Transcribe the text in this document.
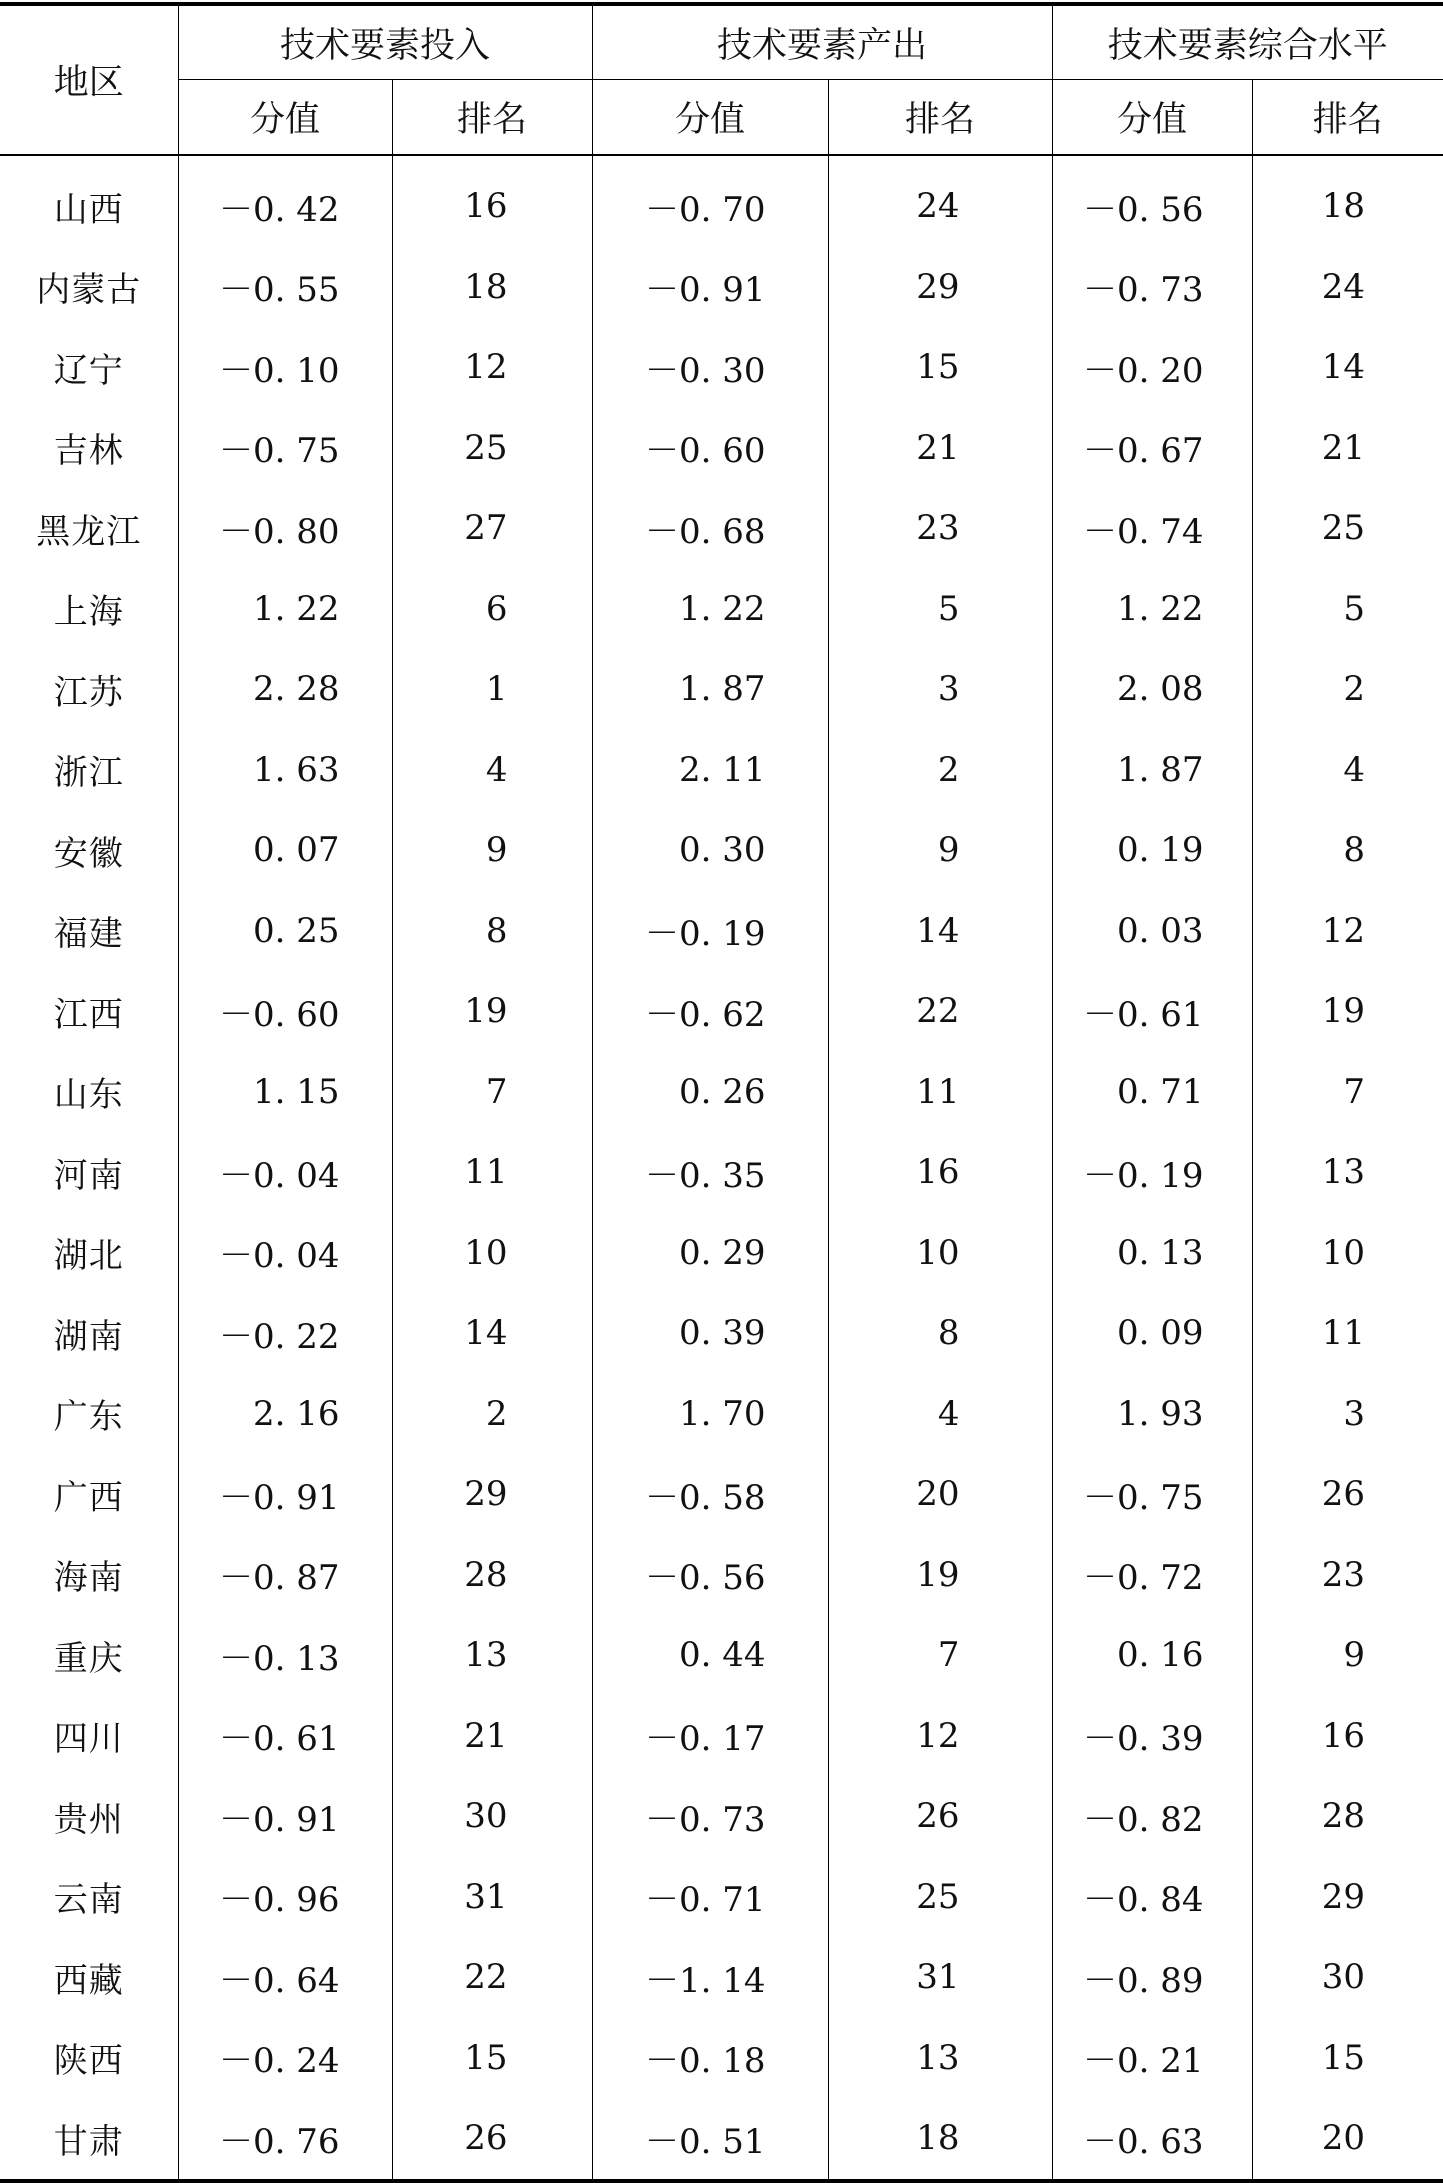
地区	技术要素投入		技术要素产出		技术要素综合水平	
	分值	排名	分值	排名	分值	排名
山西	－0. 42	16	－0. 70	24	－0. 56	18
内蒙古	－0. 55	18	－0. 91	29	－0. 73	24
辽宁	－0. 10	12	－0. 30	15	－0. 20	14
吉林	－0. 75	25	－0. 60	21	－0. 67	21
黑龙江	－0. 80	27	－0. 68	23	－0. 74	25
上海	1. 22	6	1. 22	5	1. 22	5
江苏	2. 28	1	1. 87	3	2. 08	2
浙江	1. 63	4	2. 11	2	1. 87	4
安徽	0. 07	9	0. 30	9	0. 19	8
福建	0. 25	8	－0. 19	14	0. 03	12
江西	－0. 60	19	－0. 62	22	－0. 61	19
山东	1. 15	7	0. 26	11	0. 71	7
河南	－0. 04	11	－0. 35	16	－0. 19	13
湖北	－0. 04	10	0. 29	10	0. 13	10
湖南	－0. 22	14	0. 39	8	0. 09	11
广东	2. 16	2	1. 70	4	1. 93	3
广西	－0. 91	29	－0. 58	20	－0. 75	26
海南	－0. 87	28	－0. 56	19	－0. 72	23
重庆	－0. 13	13	0. 44	7	0. 16	9
四川	－0. 61	21	－0. 17	12	－0. 39	16
贵州	－0. 91	30	－0. 73	26	－0. 82	28
云南	－0. 96	31	－0. 71	25	－0. 84	29
西藏	－0. 64	22	－1. 14	31	－0. 89	30
陕西	－0. 24	15	－0. 18	13	－0. 21	15
甘肃	－0. 76	26	－0. 51	18	－0. 63	20
